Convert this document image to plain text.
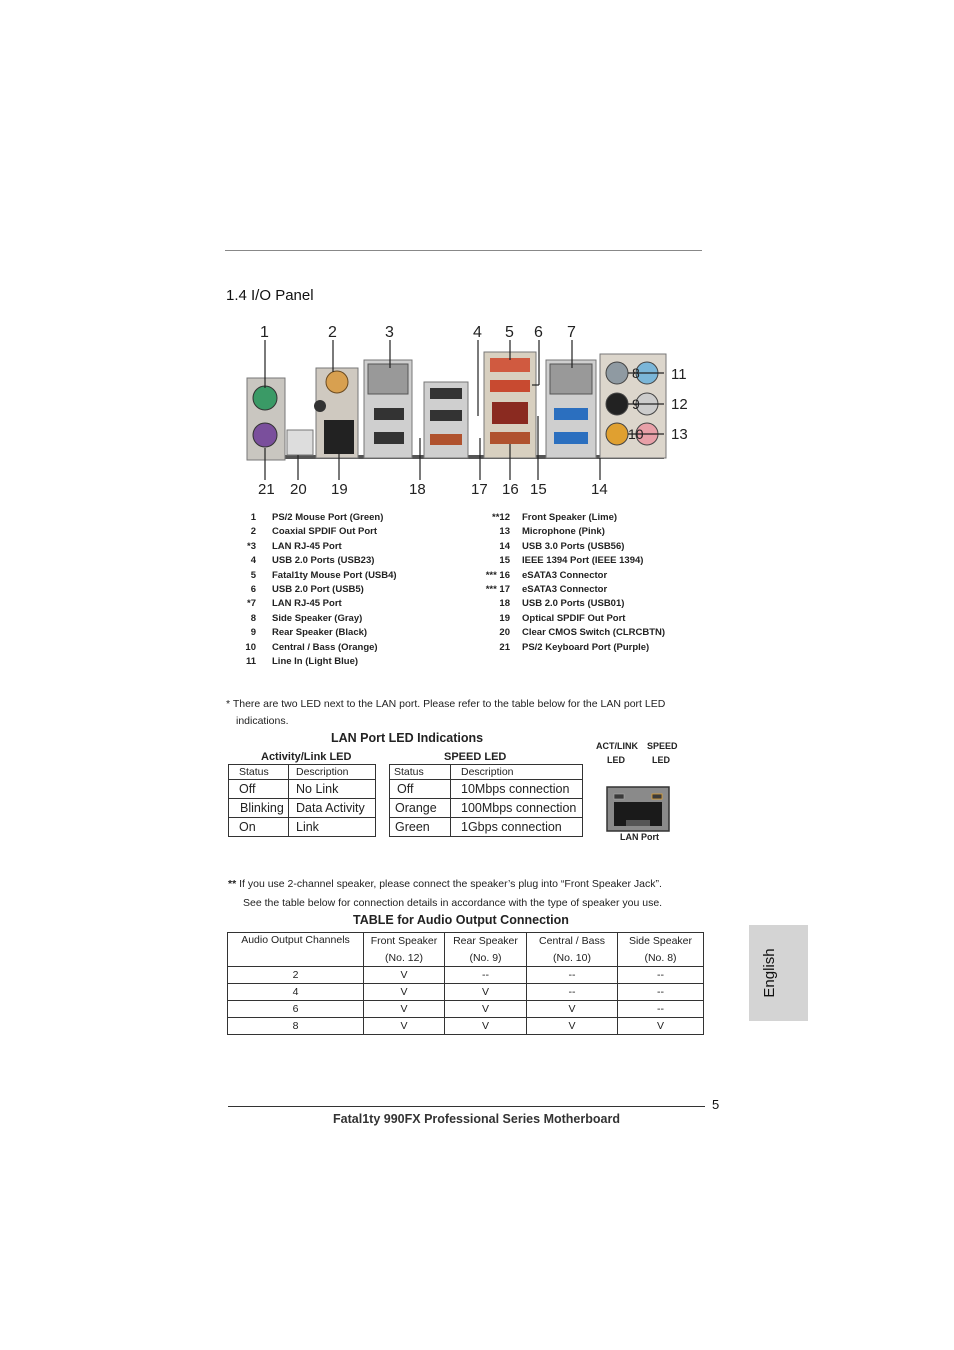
1.4 I/O Panel
1	2	3	4 5 6 7
11
12
13
8
9
10
21 20 19	18	17 16 15	14
1 PS/2 Mouse Port (Green)
2 Coaxial SPDIF Out Port
*3 LAN RJ-45 Port
4 USB 2.0 Ports (USB23)
5 Fatal1ty Mouse Port (USB4)
6 USB 2.0 Port (USB5)
*7 LAN RJ-45 Port
8 Side Speaker (Gray)
9 Rear Speaker (Black)
10 Central / Bass (Orange)
11 Line In (Light Blue)
**12 Front Speaker (Lime)
13 Microphone (Pink)
14 USB 3.0 Ports (USB56)
15 IEEE 1394 Port (IEEE 1394)
*** 16 eSATA3 Connector
*** 17 eSATA3 Connector
18 USB 2.0 Ports (USB01)
19 Optical SPDIF Out Port
20 Clear CMOS Switch (CLRCBTN)
21 PS/2 Keyboard Port (Purple)
* There are two LED next to the LAN port. Please refer to the table below for the LAN port LED
indications.
LAN Port LED Indications
Activity/Link LED	SPEED LED
Status	Description
Off	No Link
Blinking	Data Activity
On	Link
Status	Description
Off	10Mbps connection
Orange	100Mbps connection
Green	1Gbps connection
ACT/LINK SPEED
LED	LED
LAN Port
** If you use 2-channel speaker, please connect the speaker’s plug into “Front Speaker Jack”.
See the table below for connection details in accordance with the type of speaker you use.
TABLE for Audio Output Connection
Audio Output Channels	Front Speaker	Rear Speaker	Central / Bass	Side Speaker
	(No. 12)	(No. 9)	(No. 10)	(No. 8)
2	V	--	--	--
4	V	V	--	--
6	V	V	V	--
8	V	V	V	V
English
5
Fatal1ty 990FX Professional Series Motherboard
